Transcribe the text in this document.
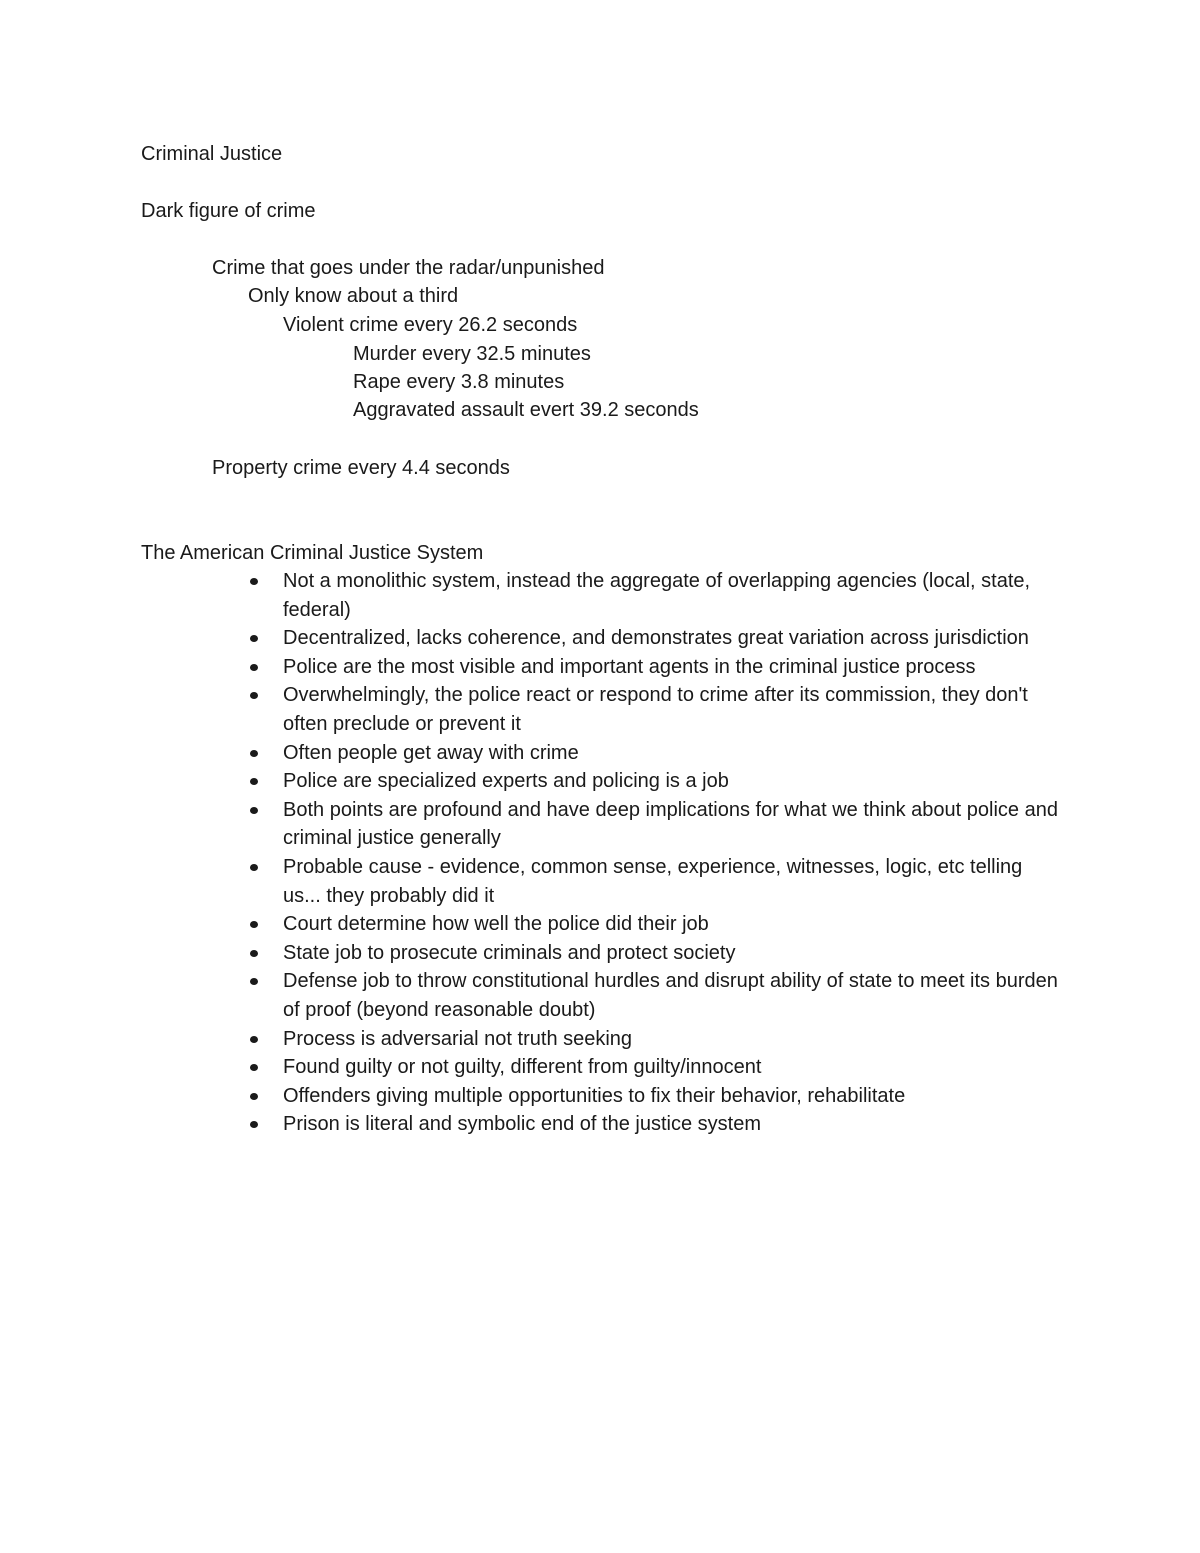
Criminal Justice
Dark figure of crime
Crime that goes under the radar/unpunished
Only know about a third
Violent crime every 26.2 seconds
Murder every 32.5 minutes
Rape every 3.8 minutes
Aggravated assault evert 39.2 seconds
Property crime every 4.4 seconds
The American Criminal Justice System
Not a monolithic system, instead the aggregate of overlapping agencies (local, state, federal)
Decentralized, lacks coherence, and demonstrates great variation across jurisdiction
Police are the most visible and important agents in the criminal justice process
Overwhelmingly, the police react or respond to crime after its commission, they don't often preclude or prevent it
Often people get away with crime
Police are specialized experts and policing is a job
Both points are profound and have deep implications for what we think about police and criminal justice generally
Probable cause - evidence, common sense, experience, witnesses, logic, etc telling us... they probably did it
Court determine how well the police did their job
State job to prosecute criminals and protect society
Defense job to throw constitutional hurdles and disrupt ability of state to meet its burden of proof (beyond reasonable doubt)
Process is adversarial not truth seeking
Found guilty or not guilty, different from guilty/innocent
Offenders giving multiple opportunities to fix their behavior, rehabilitate
Prison is literal and symbolic end of the justice system
